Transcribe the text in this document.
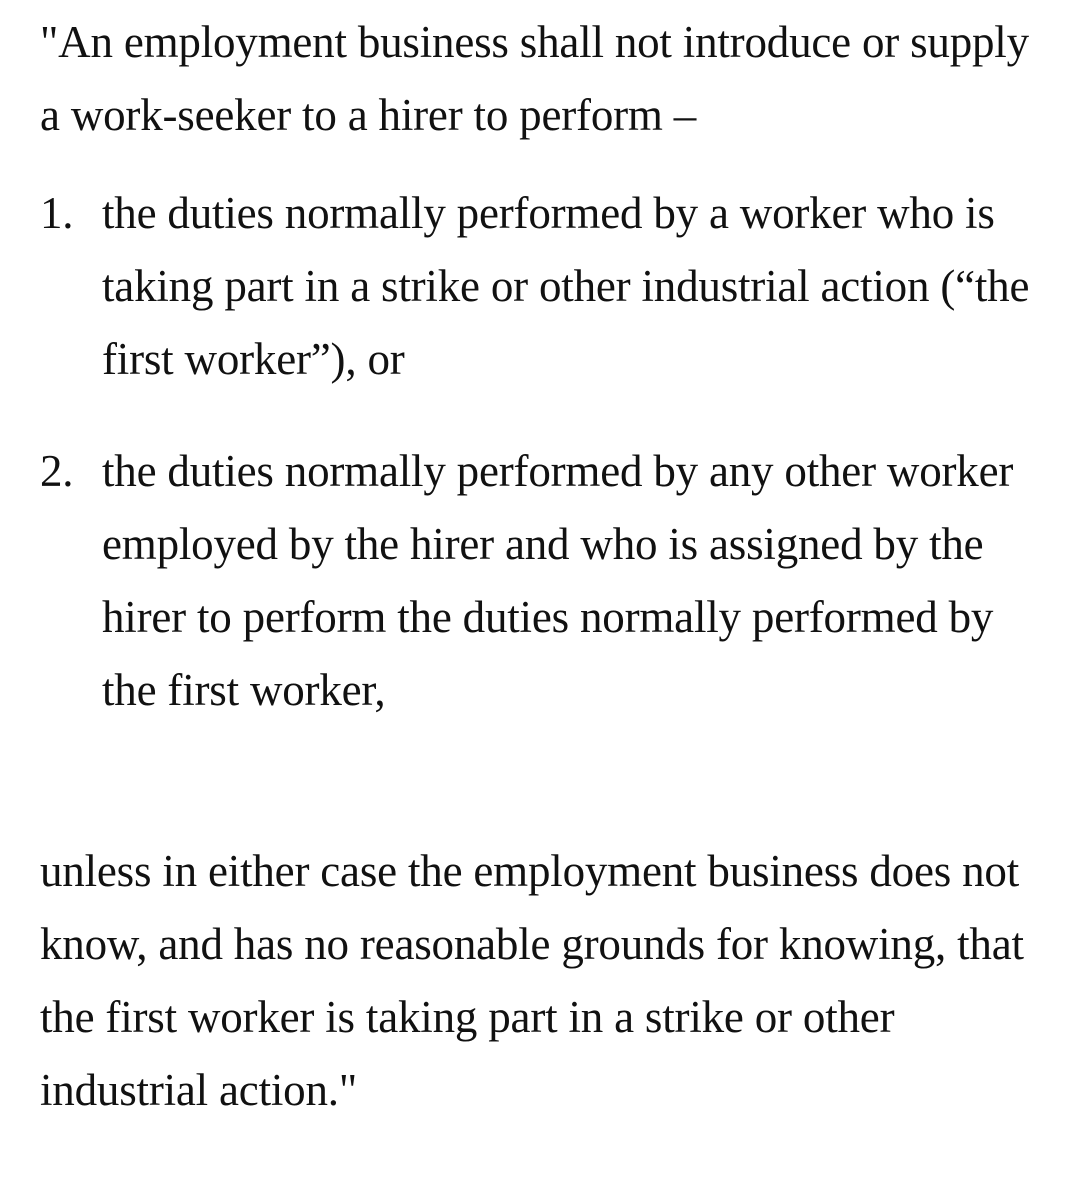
"An employment business shall not introduce or supply a work-seeker to a hirer to perform –

1. the duties normally performed by a worker who is taking part in a strike or other industrial action (“the first worker”), or
2. the duties normally performed by any other worker employed by the hirer and who is assigned by the hirer to perform the duties normally performed by the first worker,

unless in either case the employment business does not know, and has no reasonable grounds for knowing, that the first worker is taking part in a strike or other industrial action."
